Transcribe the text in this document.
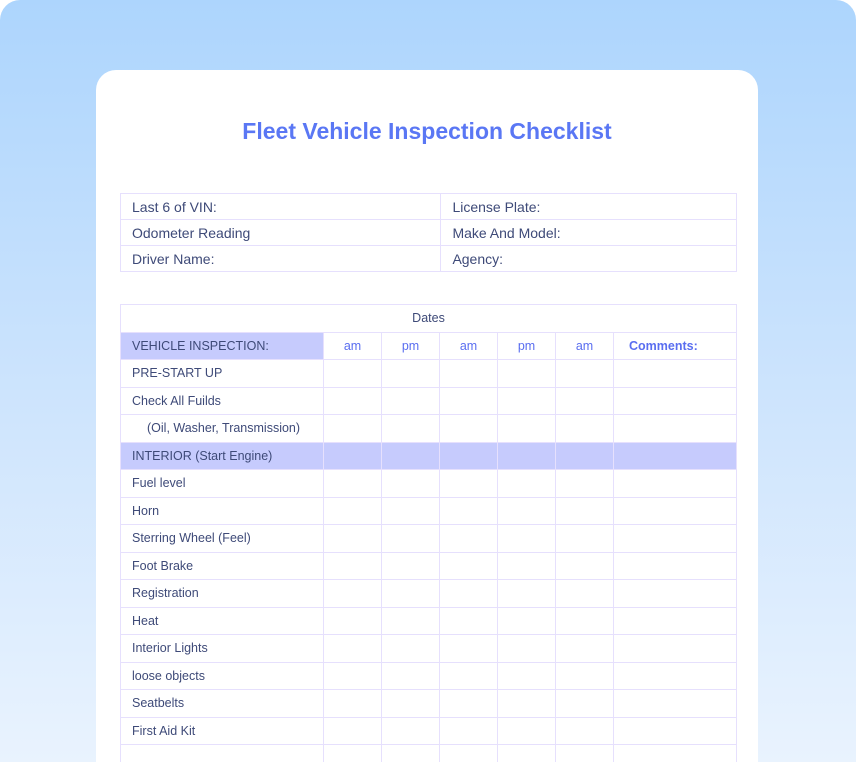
Fleet Vehicle Inspection Checklist
Last 6 of VIN:	License Plate:
Odometer Reading	Make And Model:
Driver Name:	Agency:
Dates						
VEHICLE INSPECTION:	am	pm	am	pm	am	Comments:
PRE-START UP						
Check All Fuilds						
(Oil, Washer, Transmission)						
INTERIOR (Start Engine)						
Fuel level						
Horn						
Sterring Wheel (Feel)						
Foot Brake						
Registration						
Heat						
Interior Lights						
loose objects						
Seatbelts						
First Aid Kit						
